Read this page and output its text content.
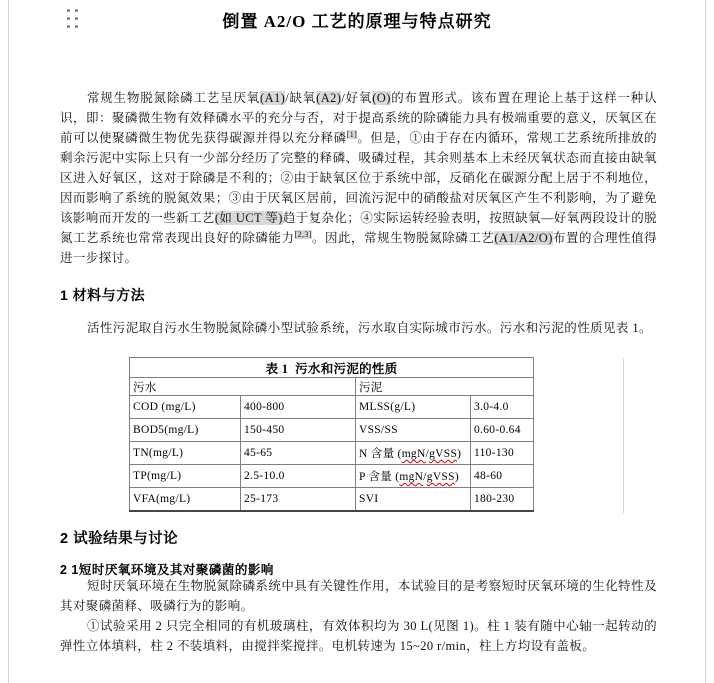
倒置 A2/O 工艺的原理与特点研究

常规生物脱氮除磷工艺呈厌氧(A1)/缺氧(A2)/好氧(O)的布置形式。该布置在理论上基于这样一种认识，即：聚磷微生物有效释磷水平的充分与否，对于提高系统的除磷能力具有极端重要的意义，厌氧区在前可以使聚磷微生物优先获得碳源并得以充分释磷[1]。但是，①由于存在内循环，常规工艺系统所排放的剩余污泥中实际上只有一少部分经历了完整的释磷、吸磷过程，其余则基本上未经厌氧状态而直接由缺氧区进入好氧区，这对于除磷是不利的；②由于缺氧区位于系统中部，反硝化在碳源分配上居于不利地位，因而影响了系统的脱氮效果；③由于厌氧区居前，回流污泥中的硝酸盐对厌氧区产生不利影响，为了避免该影响而开发的一些新工艺(如 UCT 等)趋于复杂化；④实际运转经验表明，按照缺氧—好氧两段设计的脱氮工艺系统也常常表现出良好的除磷能力[2,3]。因此，常规生物脱氮除磷工艺(A1/A2/O)布置的合理性值得进一步探讨。

1 材料与方法

活性污泥取自污水生物脱氮除磷小型试验系统，污水取自实际城市污水。污水和污泥的性质见表 1。

表 1  污水和污泥的性质			
污水		污泥	
COD (mg/L)	400-800	MLSS(g/L)	3.0-4.0
BOD5(mg/L)	150-450	VSS/SS	0.60-0.64
TN(mg/L)	45-65	N 含量 (mgN/gVSS)	110-130
TP(mg/L)	2.5-10.0	P 含量 (mgN/gVSS)	48-60
VFA(mg/L)	25-173	SVI	180-230
2 试验结果与讨论
2 1短时厌氧环境及其对聚磷菌的影响

短时厌氧环境在生物脱氮除磷系统中具有关键性作用，本试验目的是考察短时厌氧环境的生化特性及其对聚磷菌释、吸磷行为的影响。

①试验采用 2 只完全相同的有机玻璃柱，有效体积均为 30 L(见图 1)。柱 1 装有随中心轴一起转动的弹性立体填料，柱 2 不装填料，由搅拌桨搅拌。电机转速为 15~20 r/min，柱上方均设有盖板。
